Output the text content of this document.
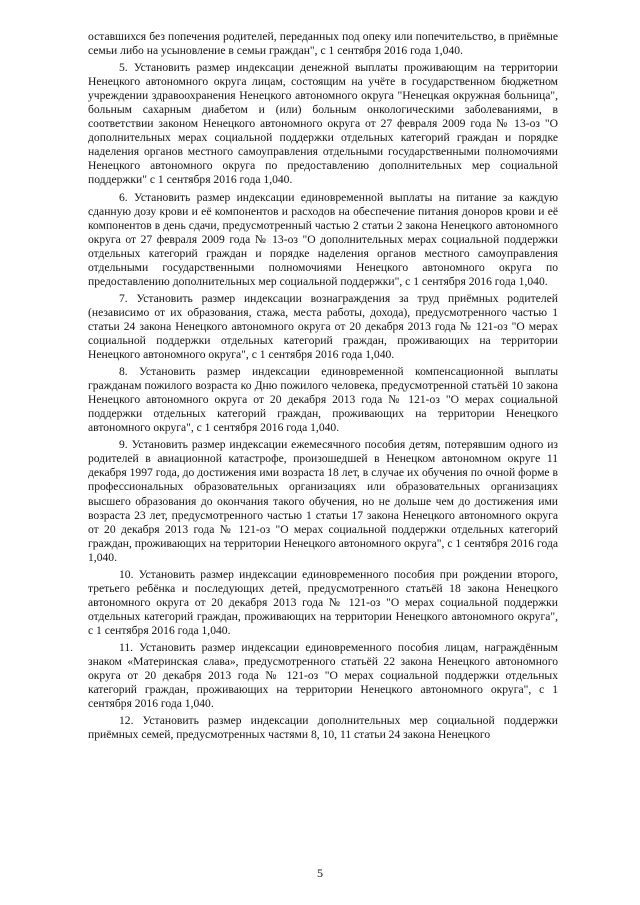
оставшихся без попечения родителей, переданных под опеку или попечительство, в приёмные семьи либо на усыновление в семьи граждан", с 1 сентября 2016 года 1,040.

5. Установить размер индексации денежной выплаты проживающим на территории Ненецкого автономного округа лицам, состоящим на учёте в государственном бюджетном учреждении здравоохранения Ненецкого автономного округа "Ненецкая окружная больница", больным сахарным диабетом и (или) больным онкологическими заболеваниями, в соответствии законом Ненецкого автономного округа от 27 февраля 2009 года № 13-оз "О дополнительных мерах социальной поддержки отдельных категорий граждан и порядке наделения органов местного самоуправления отдельными государственными полномочиями Ненецкого автономного округа по предоставлению дополнительных мер социальной поддержки" с 1 сентября 2016 года 1,040.

6. Установить размер индексации единовременной выплаты на питание за каждую сданную дозу крови и её компонентов и расходов на обеспечение питания доноров крови и её компонентов в день сдачи, предусмотренный частью 2 статьи 2 закона Ненецкого автономного округа от 27 февраля 2009 года № 13-оз "О дополнительных мерах социальной поддержки отдельных категорий граждан и порядке наделения органов местного самоуправления отдельными государственными полномочиями Ненецкого автономного округа по предоставлению дополнительных мер социальной поддержки", с 1 сентября 2016 года 1,040.

7. Установить размер индексации вознаграждения за труд приёмных родителей (независимо от их образования, стажа, места работы, дохода), предусмотренного частью 1 статьи 24 закона Ненецкого автономного округа от 20 декабря 2013 года № 121-оз "О мерах социальной поддержки отдельных категорий граждан, проживающих на территории Ненецкого автономного округа", с 1 сентября 2016 года 1,040.

8. Установить размер индексации единовременной компенсационной выплаты гражданам пожилого возраста ко Дню пожилого человека, предусмотренной статьёй 10 закона Ненецкого автономного округа от 20 декабря 2013 года № 121-оз "О мерах социальной поддержки отдельных категорий граждан, проживающих на территории Ненецкого автономного округа", с 1 сентября 2016 года 1,040.

9. Установить размер индексации ежемесячного пособия детям, потерявшим одного из родителей в авиационной катастрофе, произошедшей в Ненецком автономном округе 11 декабря 1997 года, до достижения ими возраста 18 лет, в случае их обучения по очной форме в профессиональных образовательных организациях или образовательных организациях высшего образования до окончания такого обучения, но не дольше чем до достижения ими возраста 23 лет, предусмотренного частью 1 статьи 17 закона Ненецкого автономного округа от 20 декабря 2013 года № 121-оз "О мерах социальной поддержки отдельных категорий граждан, проживающих на территории Ненецкого автономного округа", с 1 сентября 2016 года 1,040.

10. Установить размер индексации единовременного пособия при рождении второго, третьего ребёнка и последующих детей, предусмотренного статьёй 18 закона Ненецкого автономного округа от 20 декабря 2013 года № 121-оз "О мерах социальной поддержки отдельных категорий граждан, проживающих на территории Ненецкого автономного округа", с 1 сентября 2016 года 1,040.

11. Установить размер индексации единовременного пособия лицам, награждённым знаком «Материнская слава», предусмотренного статьёй 22 закона Ненецкого автономного округа от 20 декабря 2013 года № 121-оз "О мерах социальной поддержки отдельных категорий граждан, проживающих на территории Ненецкого автономного округа", с 1 сентября 2016 года 1,040.

12. Установить размер индексации дополнительных мер социальной поддержки приёмных семей, предусмотренных частями 8, 10, 11 статьи 24 закона Ненецкого

5
